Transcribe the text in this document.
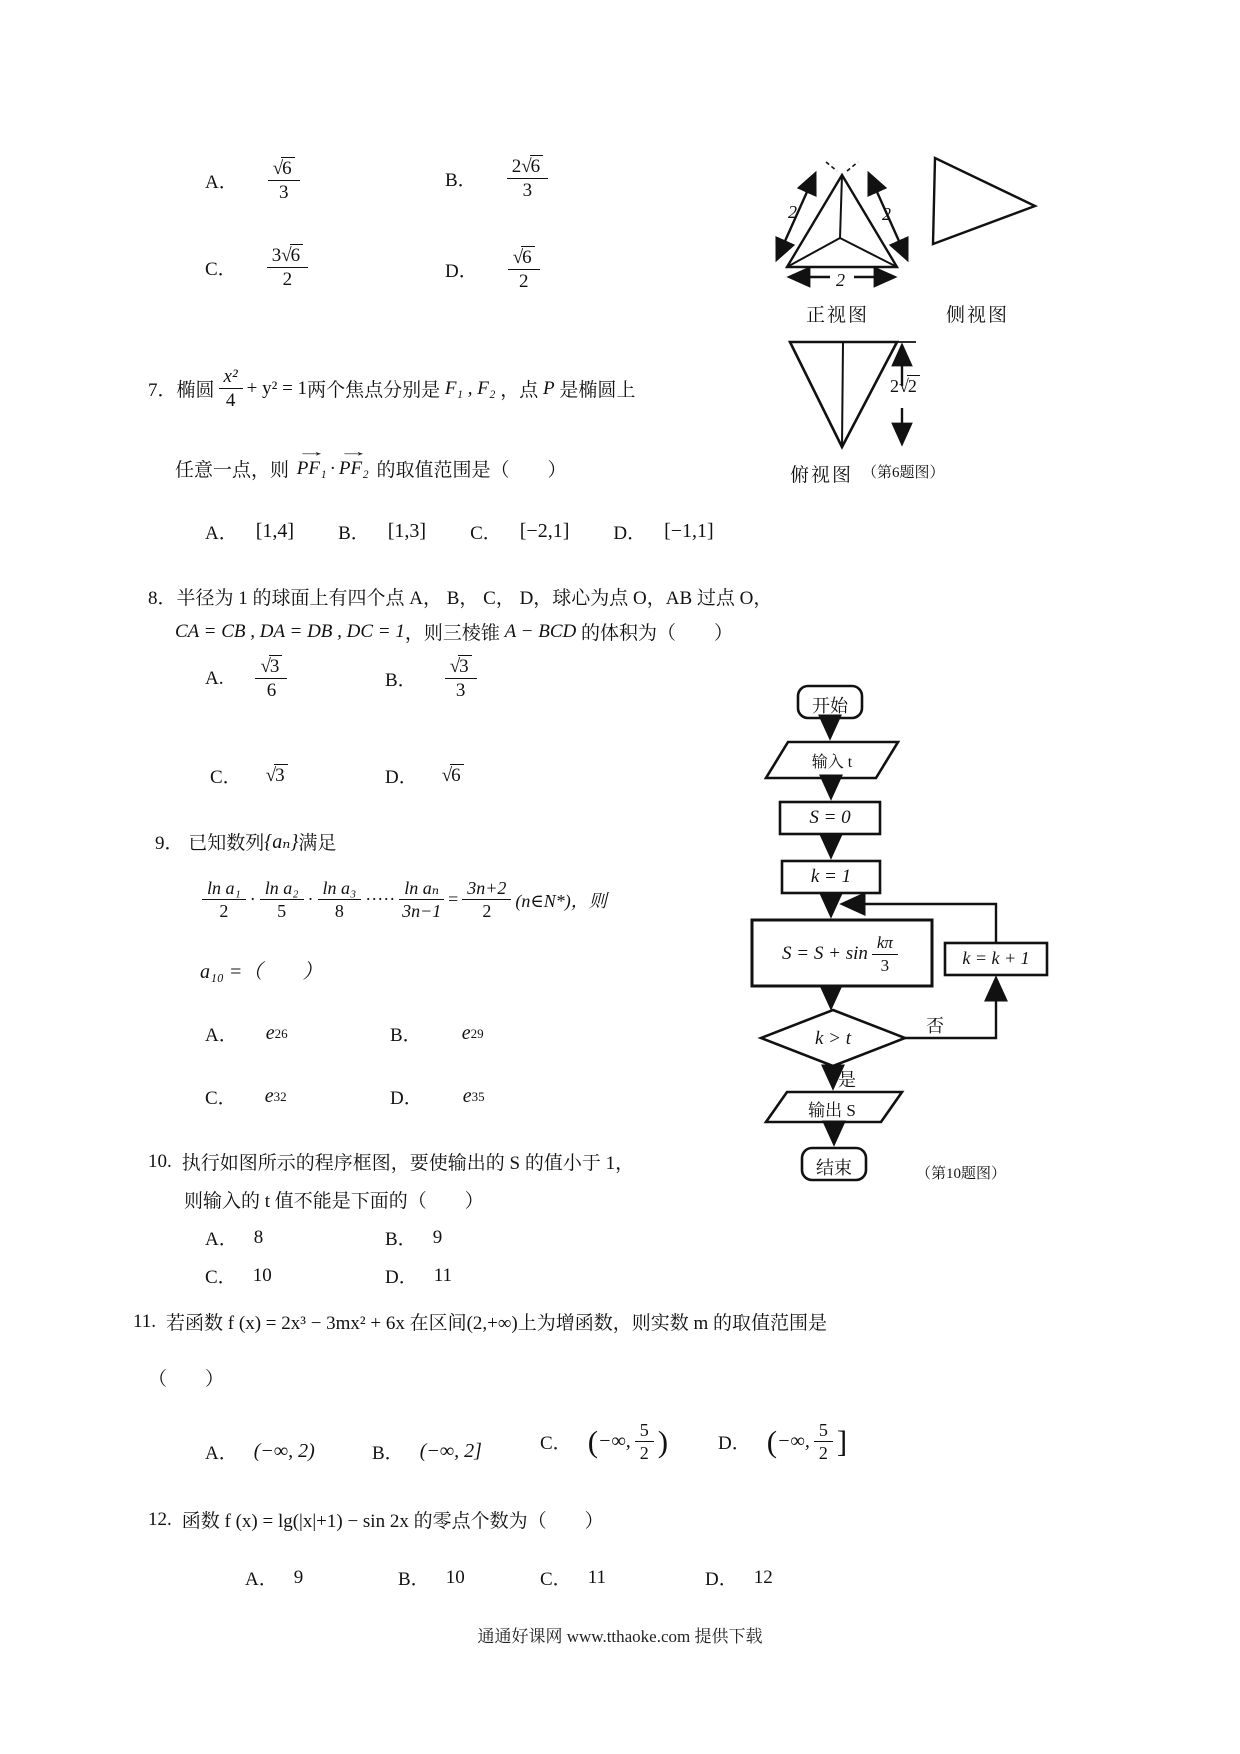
A． $\frac{√6}{3}$	B． $\frac{2√6}{3}$
C． $\frac{3√6}{2}$	D． $\frac{√6}{2}$
2	2
2
2√2
正视图	侧视图
俯视图 （第6题图）
7． 椭圆 $\frac{\text{x²}}{4} + y^2 = 1$ 两个焦点分别是 F₁ , F₂ ，点 P 是椭圆上
任意一点，则
→
PF₁ ·
→
PF₂ 的取值范围是（　　）
A． [1,4] B． [1,3] C． [−2,1] D． [−1,1]
8． 半径为 1 的球面上有四个点 A， B， C， D，球心为点 O，AB 过点 O，
CA = CB , DA = DB , DC = 1 ，则三棱锥 A − BCD 的体积为（　　）
A. $\frac{√3}{6}$	B． $\frac{√3}{3}$
C． √3	D． √6
9． 已知数列 {aₙ} 满足
$\frac{\text{ln a₁}}{2} \cdot \frac{\text{ln a₂}}{5} \cdot \frac{\text{ln a₃}}{8}$ ····· $\frac{\text{ln aₙ}}{3n-1} = \frac{3n+2}{2}$ (n∈N*)，则
a₁₀ =（　　）
A． e 26	B． e 29
C． e 32	D． e 35
开始
输入 t
S = 0
k = 1
$S = S + \sin \frac{k\pi}{3}$	k = k + 1
k > t
否
是
输出 S
结束	（第10题图）
10. 执行如图所示的程序框图，要使输出的 S 的值小于 1，
则输入的 t 值不能是下面的（　　）
A． 8	B． 9
C． 10	D． 11
11. 若函数 f (x) = 2x³ − 3mx² + 6x 在区间(2,+∞)上为增函数，则实数 m 的取值范围是
（　　）
A． (−∞, 2)	B． (−∞, 2]	C． ( −∞, $\frac{5}{2}$ )	D． ( −∞, $\frac{5}{2}$ ]
12. 函数 f (x) = lg(|x|+1) − sin 2x 的零点个数为（　　）
A． 9	B． 10	C． 11	D． 12
通通好课网 www.tthaoke.com 提供下载
